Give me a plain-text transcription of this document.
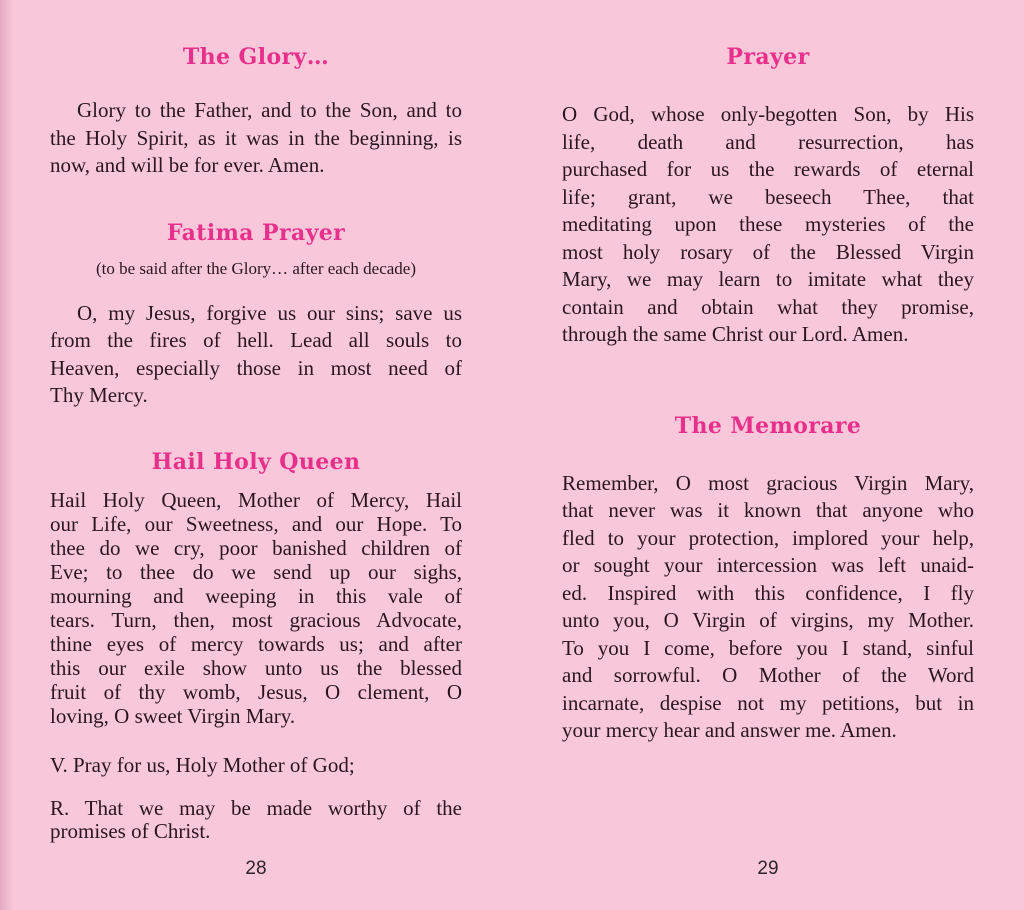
The Glory…
Glory to the Father, and to the Son, and to
the Holy Spirit, as it was in the beginning, is
now, and will be for ever. Amen.
Fatima Prayer
(to be said after the Glory… after each decade)
O, my Jesus, forgive us our sins; save us
from the fires of hell. Lead all souls to
Heaven, especially those in most need of
Thy Mercy.
Hail Holy Queen
Hail Holy Queen, Mother of Mercy, Hail
our Life, our Sweetness, and our Hope. To
thee do we cry, poor banished children of
Eve; to thee do we send up our sighs,
mourning and weeping in this vale of
tears. Turn, then, most gracious Advocate,
thine eyes of mercy towards us; and after
this our exile show unto us the blessed
fruit of thy womb, Jesus, O clement, O
loving, O sweet Virgin Mary.
V. Pray for us, Holy Mother of God;
R. That we may be made worthy of the
promises of Christ.
28
Prayer
O God, whose only-begotten Son, by His
life, death and resurrection, has
purchased for us the rewards of eternal
life; grant, we beseech Thee, that
meditating upon these mysteries of the
most holy rosary of the Blessed Virgin
Mary, we may learn to imitate what they
contain and obtain what they promise,
through the same Christ our Lord. Amen.
The Memorare
Remember, O most gracious Virgin Mary,
that never was it known that anyone who
fled to your protection, implored your help,
or sought your intercession was left unaid-
ed. Inspired with this confidence, I fly
unto you, O Virgin of virgins, my Mother.
To you I come, before you I stand, sinful
and sorrowful. O Mother of the Word
incarnate, despise not my petitions, but in
your mercy hear and answer me. Amen.
29
